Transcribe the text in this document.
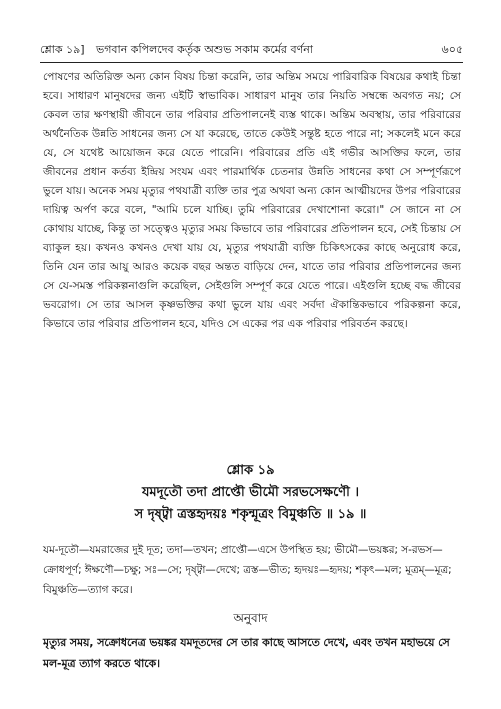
শ্লোক ১৯] ভগবান কপিলদেব কর্তৃক অশুভ সকাম কর্মের বর্ণনা	৬০৫

পোষণের অতিরিক্ত অন্য কোন বিষয় চিন্তা করেনি, তার অন্তিম সময়ে পারিবারিক বিষয়ের কথাই চিন্তা হবে। সাধারণ মানুষদের জন্য এইটি স্বাভাবিক। সাধারণ মানুষ তার নিয়তি সম্বন্ধে অবগত নয়; সে কেবল তার ক্ষণস্থায়ী জীবনে তার পরিবার প্রতিপালনেই ব্যস্ত থাকে। অন্তিম অবস্থায়, তার পরিবারের অর্থনৈতিক উন্নতি সাধনের জন্য সে যা করেছে, তাতে কেউই সন্তুষ্ট হতে পারে না; সকলেই মনে করে যে, সে যথেষ্ট আয়োজন করে যেতে পারেনি। পরিবারের প্রতি এই গভীর আসক্তির ফলে, তার জীবনের প্রধান কর্তব্য ইন্দ্রিয় সংযম এবং পারমার্থিক চেতনার উন্নতি সাধনের কথা সে সম্পূর্ণরূপে ভুলে যায়। অনেক সময় মৃত্যুর পথযাত্রী ব্যক্তি তার পুত্র অথবা অন্য কোন আত্মীয়দের উপর পরিবারের দায়িত্ব অর্পণ করে বলে, "আমি চলে যাচ্ছি। তুমি পরিবারের দেখাশোনা করো।" সে জানে না সে কোথায় যাচ্ছে, কিন্তু তা সত্ত্বেও মৃত্যুর সময় কিভাবে তার পরিবারের প্রতিপালন হবে, সেই চিন্তায় সে ব্যাকুল হয়। কখনও কখনও দেখা যায় যে, মৃত্যুর পথযাত্রী ব্যক্তি চিকিৎসকের কাছে অনুরোধ করে, তিনি যেন তার আয়ু আরও কয়েক বছর অন্তত বাড়িয়ে দেন, যাতে তার পরিবার প্রতিপালনের জন্য সে যে-সমস্ত পরিকল্পনাগুলি করেছিল, সেইগুলি সম্পূর্ণ করে যেতে পারে। এইগুলি হচ্ছে বদ্ধ জীবের ভবরোগ। সে তার আসল কৃষ্ণভক্তির কথা ভুলে যায় এবং সর্বদা ঐকান্তিকভাবে পরিকল্পনা করে, কিভাবে তার পরিবার প্রতিপালন হবে, যদিও সে একের পর এক পরিবার পরিবর্তন করছে।

শ্লোক ১৯
যমদূতৌ তদা প্রাপ্তৌ ভীমৌ সরভসেক্ষণৌ ।
স দৃষ্ট্বা ত্রস্তহৃদয়ঃ শকৃন্মূত্রং বিমুঞ্চতি ॥ ১৯ ॥

যম-দূতৌ—যমরাজের দুই দূত; তদা—তখন; প্রাপ্তৌ—এসে উপস্থিত হয়; ভীমৌ—ভয়ঙ্কর; স-রভস—ক্রোধপূর্ণ; ঈক্ষণৌ—চক্ষু; সঃ—সে; দৃষ্ট্বা—দেখে; ত্রস্ত—ভীত; হৃদয়ঃ—হৃদয়; শকৃৎ—মল; মূত্রম্—মূত্র; বিমুঞ্চতি—ত্যাগ করে।

অনুবাদ

মৃত্যুর সময়, সক্রোধনেত্র ভয়ঙ্কর যমদূতদের সে তার কাছে আসতে দেখে, এবং তখন মহাভয়ে সে মল-মূত্র ত্যাগ করতে থাকে।
